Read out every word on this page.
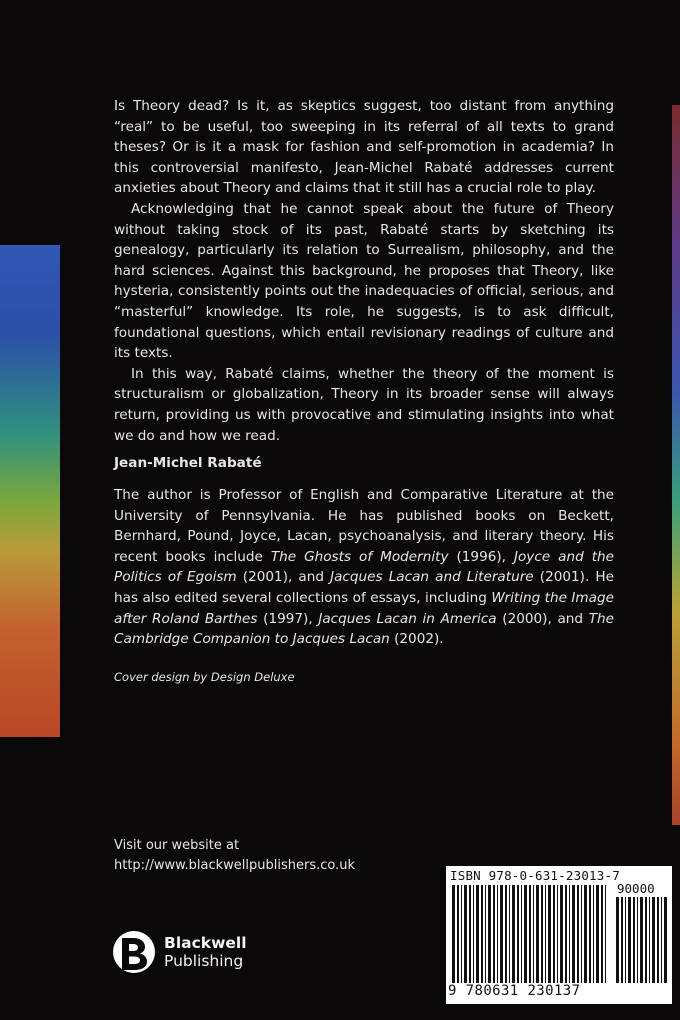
Is Theory dead? Is it, as skeptics suggest, too distant from anything “real” to be useful, too sweeping in its referral of all texts to grand theses? Or is it a mask for fashion and self-promotion in academia? In this controversial manifesto, Jean-Michel Rabaté addresses current anxieties about Theory and claims that it still has a crucial role to play.

Acknowledging that he cannot speak about the future of Theory without taking stock of its past, Rabaté starts by sketching its genealogy, particularly its relation to Surrealism, philosophy, and the hard sciences. Against this background, he proposes that Theory, like hysteria, consistently points out the inadequacies of official, serious, and “masterful” knowledge. Its role, he suggests, is to ask difficult, foundational questions, which entail revisionary readings of culture and its texts.

In this way, Rabaté claims, whether the theory of the moment is structuralism or globalization, Theory in its broader sense will always return, providing us with provocative and stimulating insights into what we do and how we read.

Jean-Michel Rabaté

The author is Professor of English and Comparative Literature at the University of Pennsylvania. He has published books on Beckett, Bernhard, Pound, Joyce, Lacan, psychoanalysis, and literary theory. His recent books include The Ghosts of Modernity (1996), Joyce and the Politics of Egoism (2001), and Jacques Lacan and Literature (2001). He has also edited several collections of essays, including Writing the Image after Roland Barthes (1997), Jacques Lacan in America (2000), and The Cambridge Companion to Jacques Lacan (2002).

Cover design by Design Deluxe

Visit our website at
http://www.blackwellpublishers.co.uk
Blackwell
Publishing
ISBN 978-0-631-23013-7
90000
9 780631 230137
